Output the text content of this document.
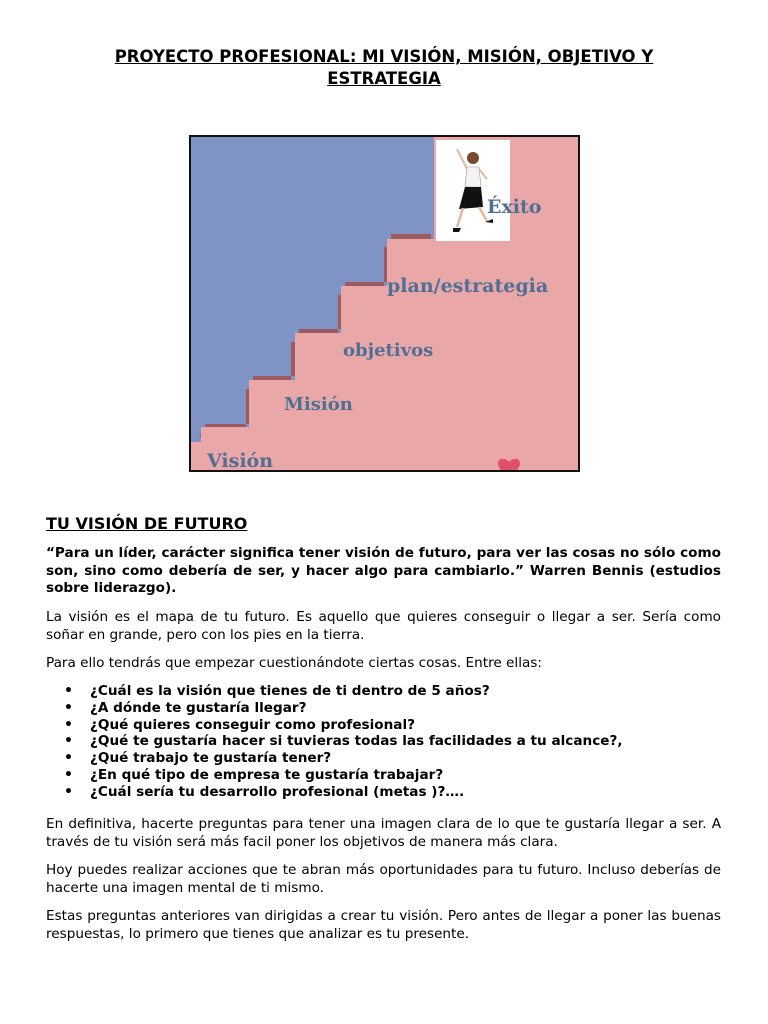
PROYECTO PROFESIONAL: MI VISIÓN, MISIÓN, OBJETIVO Y ESTRATEGIA
Visión
Misión
objetivos
plan/estrategia
Éxito
TU VISIÓN DE FUTURO
“Para un líder, carácter significa tener visión de futuro, para ver las cosas no sólo como son, sino como debería de ser, y hacer algo para cambiarlo.” Warren Bennis (estudios sobre liderazgo).
La visión es el mapa de tu futuro. Es aquello que quieres conseguir o llegar a ser. Sería como soñar en grande, pero con los pies en la tierra.
Para ello tendrás que empezar cuestionándote ciertas cosas. Entre ellas:
• ¿Cuál es la visión que tienes de ti dentro de 5 años?
• ¿A dónde te gustaría llegar?
• ¿Qué quieres conseguir como profesional?
• ¿Qué te gustaría hacer si tuvieras todas las facilidades a tu alcance?,
• ¿Qué trabajo te gustaría tener?
• ¿En qué tipo de empresa te gustaría trabajar?
• ¿Cuál sería tu desarrollo profesional (metas )?….
En definitiva, hacerte preguntas para tener una imagen clara de lo que te gustaría llegar a ser. A través de tu visión será más facil poner los objetivos de manera más clara.
Hoy puedes realizar acciones que te abran más oportunidades para tu futuro. Incluso deberías de hacerte una imagen mental de ti mismo.
Estas preguntas anteriores van dirigidas a crear tu visión. Pero antes de llegar a poner las buenas respuestas, lo primero que tienes que analizar es tu presente.
